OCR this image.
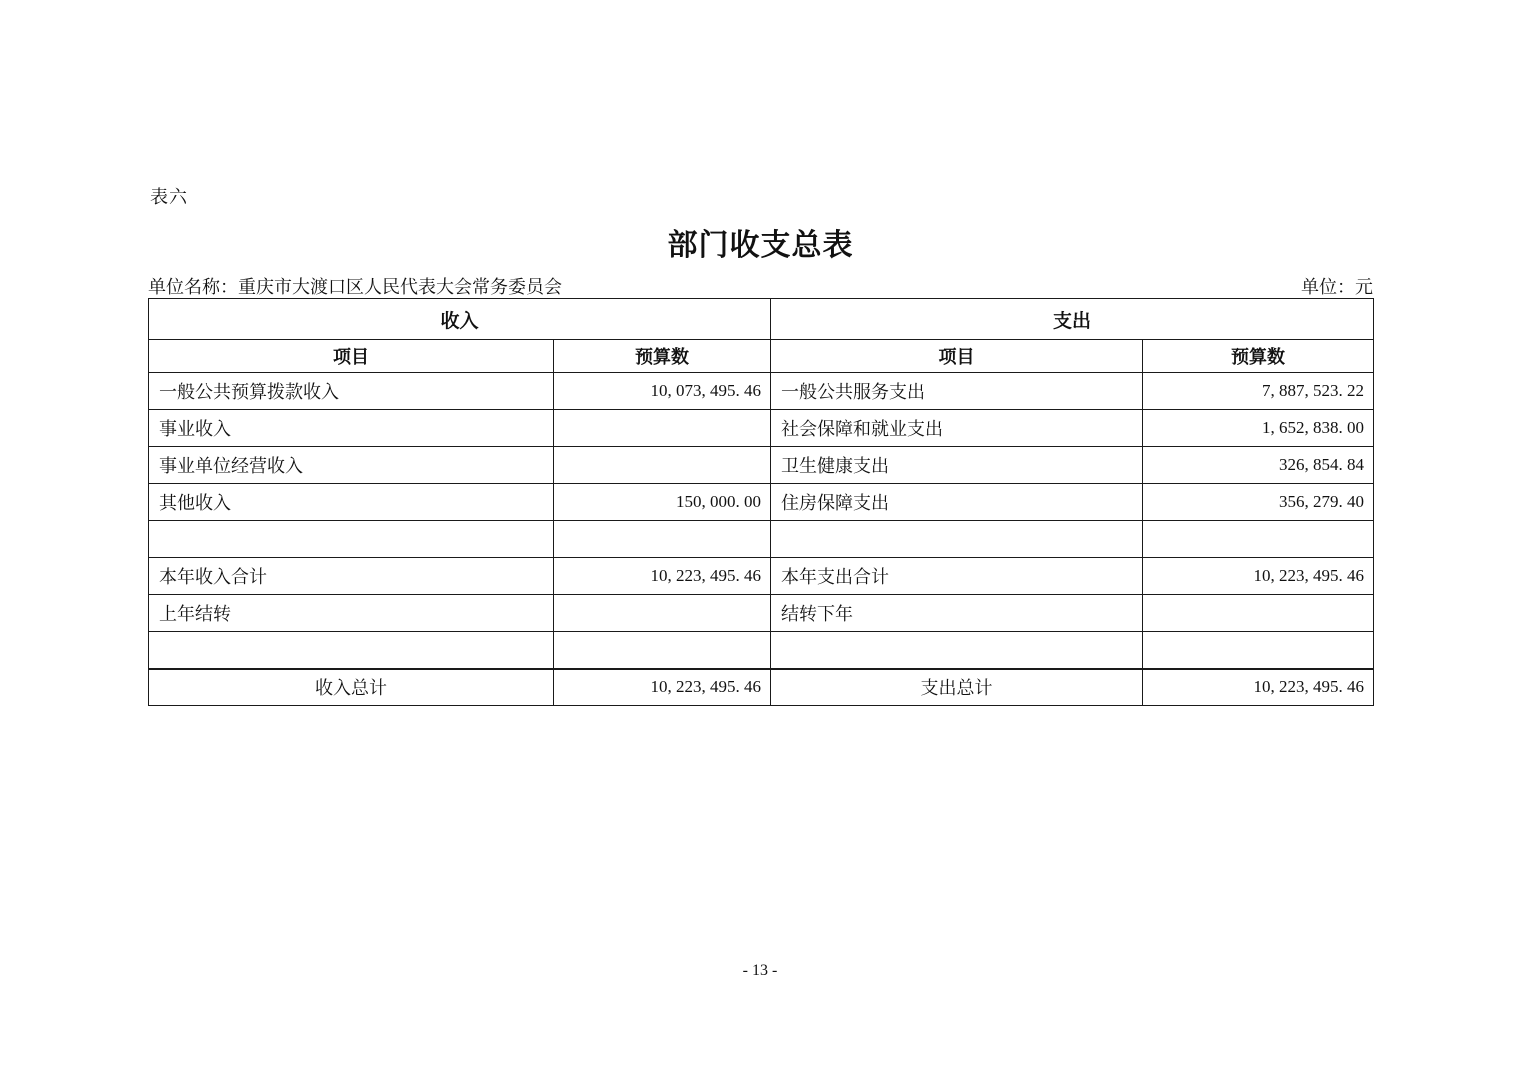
表六
部门收支总表
单位名称：重庆市大渡口区人民代表大会常务委员会	单位：元
收入		支出	
项目	预算数	项目	预算数
一般公共预算拨款收入	10, 073, 495. 46	一般公共服务支出	7, 887, 523. 22
事业收入		社会保障和就业支出	1, 652, 838. 00
事业单位经营收入		卫生健康支出	326, 854. 84
其他收入	150, 000. 00	住房保障支出	356, 279. 40

本年收入合计	10, 223, 495. 46	本年支出合计	10, 223, 495. 46
上年结转		结转下年	

收入总计	10, 223, 495. 46	支出总计	10, 223, 495. 46
- 13 -
